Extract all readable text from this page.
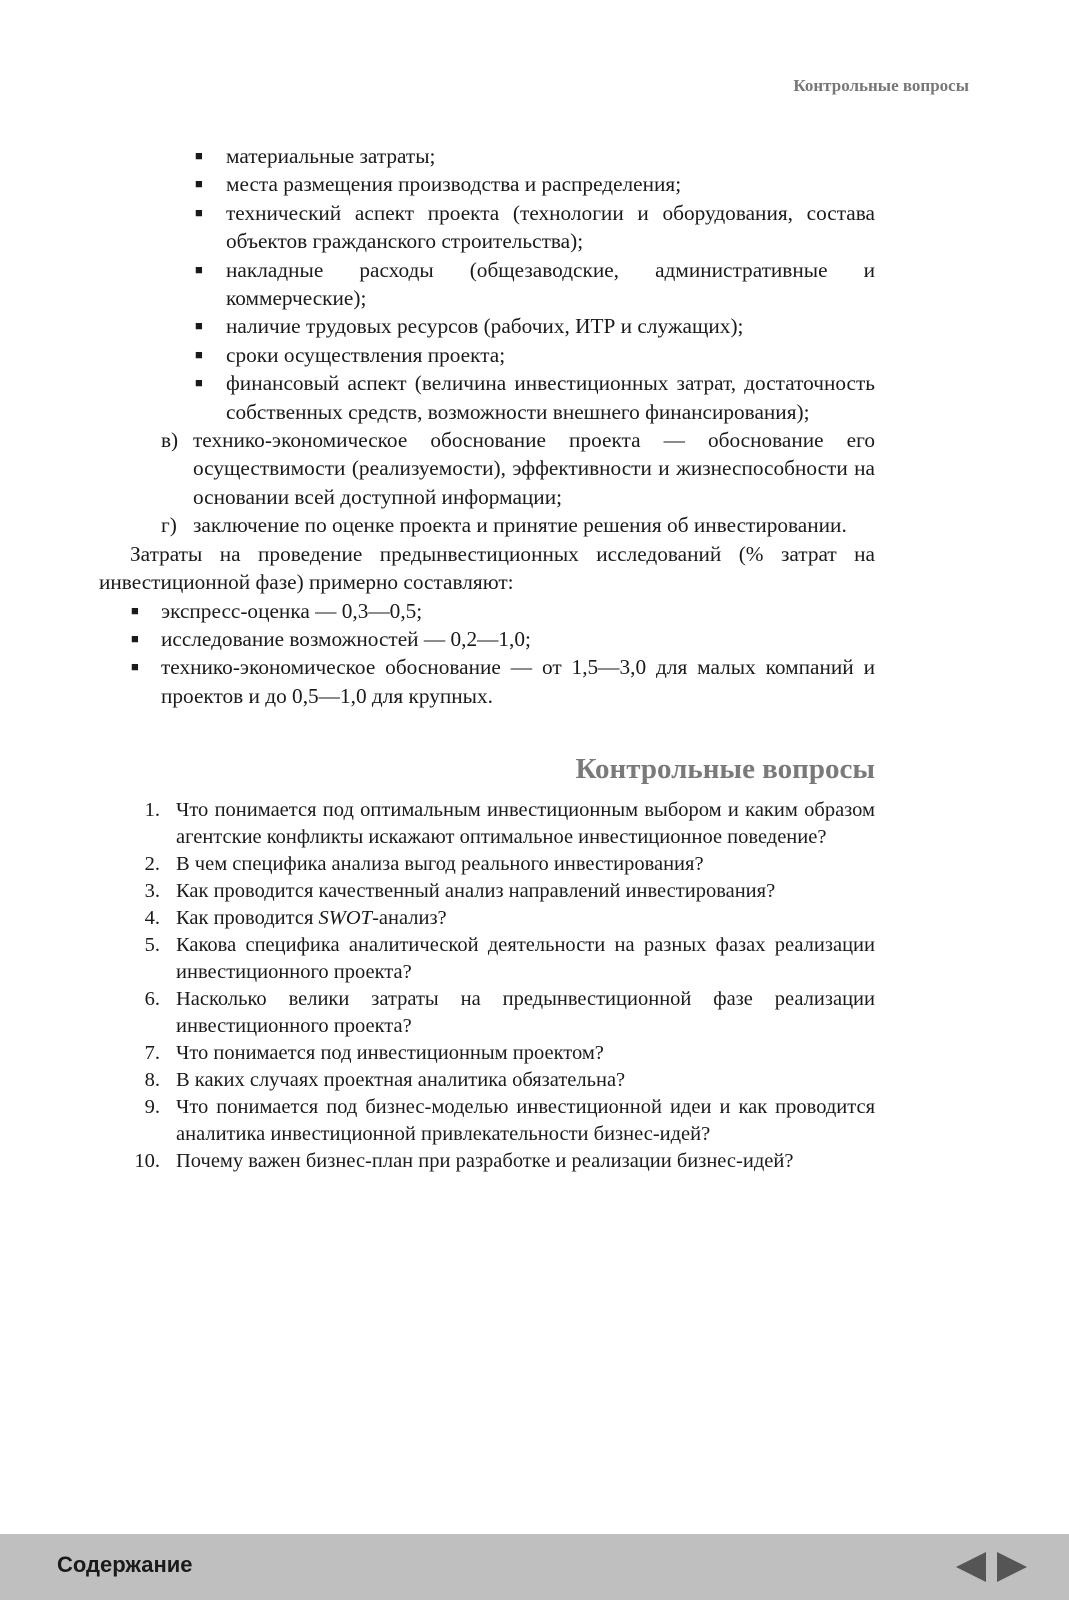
Контрольные вопросы
■ материальные затраты;
■ места размещения производства и распределения;
■ технический аспект проекта (технологии и оборудования, состава объектов гражданского строительства);
■ накладные расходы (общезаводские, административные и коммерческие);
■ наличие трудовых ресурсов (рабочих, ИТР и служащих);
■ сроки осуществления проекта;
■ финансовый аспект (величина инвестиционных затрат, достаточность собственных средств, возможности внешнего финансирования);
в) технико-экономическое обоснование проекта — обоснование его осуществимости (реализуемости), эффективности и жизнеспособности на основании всей доступной информации;
г) заключение по оценке проекта и принятие решения об инвестировании.

Затраты на проведение предынвестиционных исследований (% затрат на инвестиционной фазе) примерно составляют:

■ экспресс-оценка — 0,3—0,5;
■ исследование возможностей — 0,2—1,0;
■ технико-экономическое обоснование — от 1,5—3,0 для малых компаний и проектов и до 0,5—1,0 для крупных.
Контрольные вопросы
1. Что понимается под оптимальным инвестиционным выбором и каким образом агентские конфликты искажают оптимальное инвестиционное поведение?
2. В чем специфика анализа выгод реального инвестирования?
3. Как проводится качественный анализ направлений инвестирования?
4. Как проводится SWOT-анализ?
5. Какова специфика аналитической деятельности на разных фазах реализации инвестиционного проекта?
6. Насколько велики затраты на предынвестиционной фазе реализации инвестиционного проекта?
7. Что понимается под инвестиционным проектом?
8. В каких случаях проектная аналитика обязательна?
9. Что понимается под бизнес-моделью инвестиционной идеи и как проводится аналитика инвестиционной привлекательности бизнес-идей?
10. Почему важен бизнес-план при разработке и реализации бизнес-идей?
Содержание
